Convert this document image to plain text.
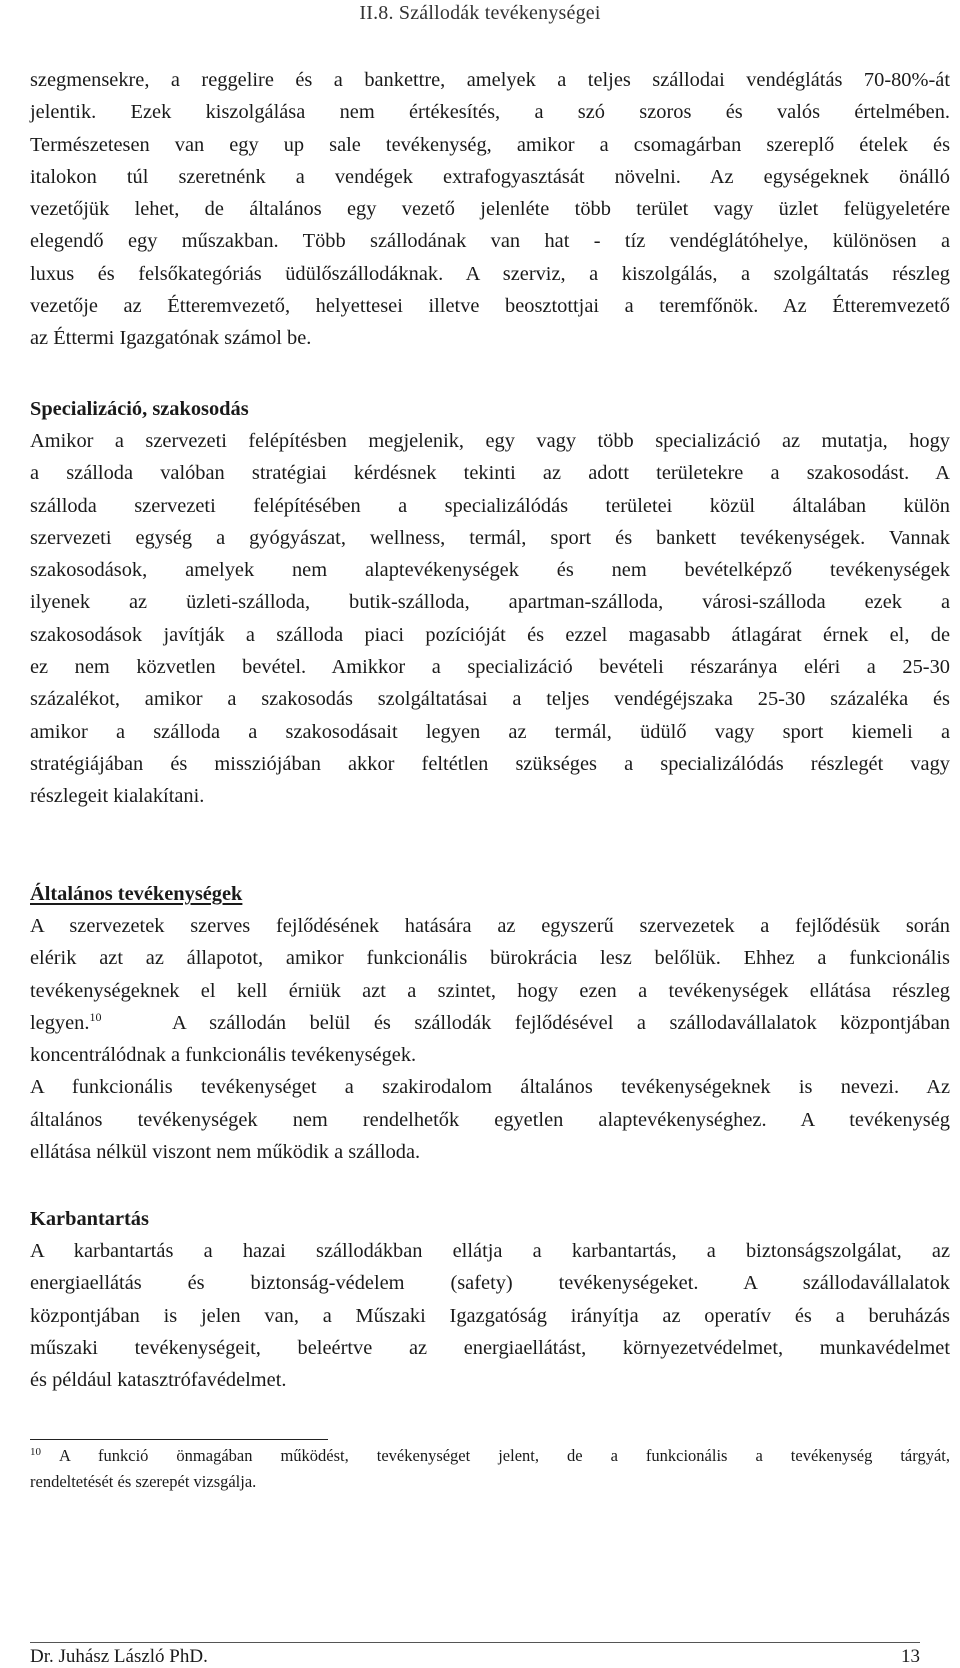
II.8. Szállodák tevékenységei
szegmensekre, a reggelire és a bankettre, amelyek a teljes szállodai vendéglátás 70-80%-át
jelentik. Ezek kiszolgálása nem értékesítés, a szó szoros és valós értelmében.
Természetesen van egy up sale tevékenység, amikor a csomagárban szereplő ételek és
italokon túl szeretnénk a vendégek extrafogyasztását növelni. Az egységeknek önálló
vezetőjük lehet, de általános egy vezető jelenléte több terület vagy üzlet felügyeletére
elegendő egy műszakban. Több szállodának van hat - tíz vendéglátóhelye, különösen a
luxus és felsőkategóriás üdülőszállodáknak. A szerviz, a kiszolgálás, a szolgáltatás részleg
vezetője az Étteremvezető, helyettesei illetve beosztottjai a teremfőnök. Az Étteremvezető
az Éttermi Igazgatónak számol be.
Specializáció, szakosodás
Amikor a szervezeti felépítésben megjelenik, egy vagy több specializáció az mutatja, hogy
a szálloda valóban stratégiai kérdésnek tekinti az adott területekre a szakosodást. A
szálloda szervezeti felépítésében a specializálódás területei közül általában külön
szervezeti egység a gyógyászat, wellness, termál, sport és bankett tevékenységek. Vannak
szakosodások, amelyek nem alaptevékenységek és nem bevételképző tevékenységek
ilyenek az üzleti-szálloda, butik-szálloda, apartman-szálloda, városi-szálloda ezek a
szakosodások javítják a szálloda piaci pozícióját és ezzel magasabb átlagárat érnek el, de
ez nem közvetlen bevétel. Amikkor a specializáció bevételi részaránya eléri a 25-30
százalékot, amikor a szakosodás szolgáltatásai a teljes vendégéjszaka 25-30 százaléka és
amikor a szálloda a szakosodásait legyen az termál, üdülő vagy sport kiemeli a
stratégiájában és missziójában akkor feltétlen szükséges a specializálódás részlegét vagy
részlegeit kialakítani.
Általános tevékenységek
A szervezetek szerves fejlődésének hatására az egyszerű szervezetek a fejlődésük során
elérik azt az állapotot, amikor funkcionális bürokrácia lesz belőlük. Ehhez a funkcionális
tevékenységeknek el kell érniük azt a szintet, hogy ezen a tevékenységek ellátása részleg
legyen.$^{10}$	A szállodán belül és szállodák fejlődésével a szállodavállalatok központjában
koncentrálódnak a funkcionális tevékenységek.
A funkcionális tevékenységet a szakirodalom általános tevékenységeknek is nevezi. Az
általános tevékenységek nem rendelhetők egyetlen alaptevékenységhez. A tevékenység
ellátása nélkül viszont nem működik a szálloda.
Karbantartás
A karbantartás a hazai szállodákban ellátja a karbantartás, a biztonságszolgálat, az
energiaellátás és biztonság-védelem (safety) tevékenységeket. A szállodavállalatok
központjában is jelen van, a Műszaki Igazgatóság irányítja az operatív és a beruházás
műszaki tevékenységeit, beleértve az energiaellátást, környezetvédelmet, munkavédelmet
és például katasztrófavédelmet.
$^{10}$ A funkció önmagában működést, tevékenységet jelent, de a funkcionális a tevékenység tárgyát,
rendeltetését és szerepét vizsgálja.
Dr. Juhász László PhD.	13
